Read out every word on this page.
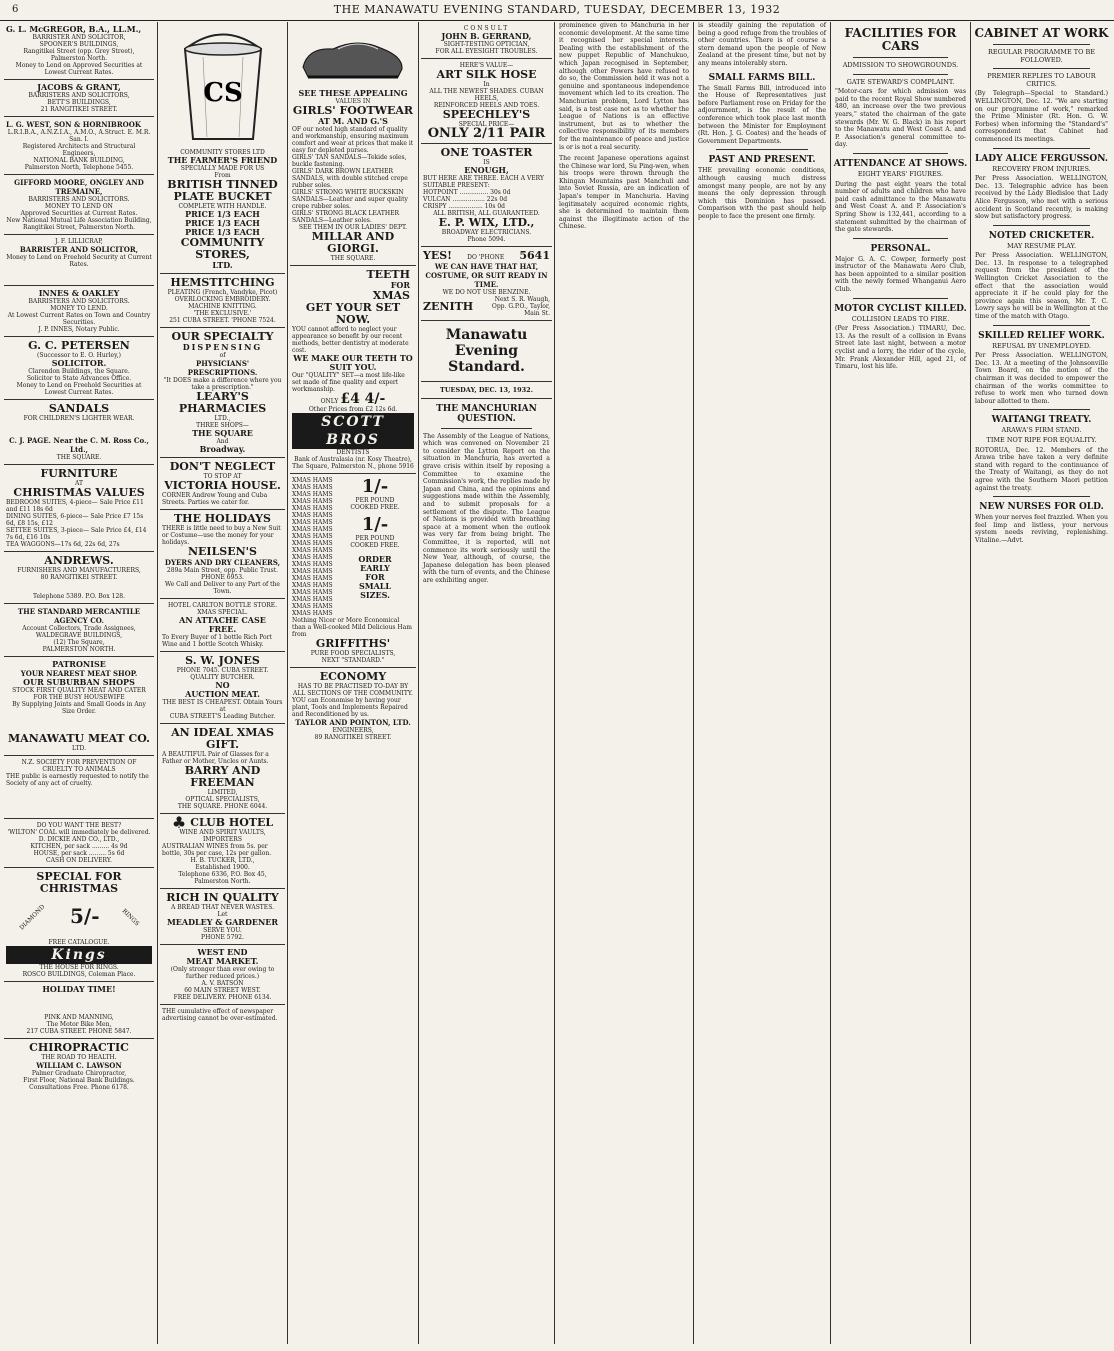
6	THE MANAWATU EVENING STANDARD, TUESDAY, DECEMBER 13, 1932
G. L. McGREGOR, B.A., LL.M.,
BARRISTER AND SOLICITOR,
SPOONER'S BUILDINGS,
Rangitikei Street (opp. Grey Street), Palmerston North.
Money to Lend on Approved Securities at Lowest Current Rates.
JACOBS & GRANT,
BARRISTERS AND SOLICITORS,
BETT'S BUILDINGS,
21 RANGITIKEI STREET.
L. G. WEST, SON & HORNIBROOK
L.R.I.B.A., A.N.Z.I.A., A.M.O., A.Struct. E. M.R. San. I.
Registered Architects and Structural Engineers,
NATIONAL BANK BUILDING,
Palmerston North, Telephone 5455.
GIFFORD MOORE, ONGLEY AND TREMAINE,
BARRISTERS AND SOLICITORS.
MONEY TO LEND ON
Approved Securities at Current Rates.
New National Mutual Life Association Building,
Rangitikei Street, Palmerston North.
J. F. LILLICRAP,
BARRISTER AND SOLICITOR,
Money to Lend on Freehold Security at Current Rates.
INNES & OAKLEY
BARRISTERS AND SOLICITORS.
MONEY TO LEND.
At Lowest Current Rates on Town and Country Securities.
J. P. INNES, Notary Public.
G. C. PETERSEN
(Successor to E. O. Hurley,)
SOLICITOR.
Clarendon Buildings, the Square.
Solicitor to State Advances Office.
Money to Lend on Freehold Securities at Lowest Current Rates.
SANDALS
FOR CHILDREN'S LIGHTER WEAR.
C. J. PAGE. Near the C. M. Ross Co., Ltd.,
THE SQUARE.
FURNITURE
AT
CHRISTMAS VALUES
BEDROOM SUITES, 4-piece— Sale Price £11 and £11 18s 6d
DINING SUITES, 6-piece— Sale Price £7 15s 6d, £8 15s, £12
SETTEE SUITES, 3-piece— Sale Price £4, £14 7s 6d, £16 10s
TEA WAGGONS—17s 6d, 22s 6d, 27s
ANDREWS.
FURNISHERS AND MANUFACTURERS,
80 RANGITIKEI STREET.
Telephone 5389. P.O. Box 128.
THE STANDARD MERCANTILE AGENCY CO.
Account Collectors, Trade Assignees,
WALDEGRAVE BUILDINGS,
(12) The Square,
PALMERSTON NORTH.
PATRONISE
YOUR NEAREST MEAT SHOP.
OUR SUBURBAN SHOPS
STOCK FIRST QUALITY MEAT AND CATER FOR THE BUSY HOUSEWIFE
By Supplying Joints and Small Goods in Any Size Order.
MANAWATU MEAT CO.
LTD.
N.Z. SOCIETY FOR PREVENTION OF CRUELTY TO ANIMALS
THE public is earnestly requested to notify the Society of any act of cruelty.
DO YOU WANT THE BEST?
'WILTON' COAL will immediately be delivered.
D. DICKIE AND CO., LTD.,
KITCHEN, per sack ......... 4s 9d
HOUSE, per sack ......... 5s 6d
CASH ON DELIVERY.
SPECIAL FOR CHRISTMAS
DIAMOND 5/-	RINGS
FREE CATALOGUE.
Kings
THE HOUSE FOR RINGS.
ROSCO BUILDINGS, Coleman Place.
HOLIDAY TIME!
PINK AND MANNING,
The Motor Bike Men,
217 CUBA STREET. PHONE 5847.
CHIROPRACTIC
THE ROAD TO HEALTH.
WILLIAM C. LAWSON
Palmer Graduate Chiropractor,
First Floor, National Bank Buildings.
Consultations Free. Phone 6178.
CS
COMMUNITY STORES LTD
THE FARMER'S FRIEND
SPECIALLY MADE FOR US
From
BRITISH TINNED PLATE BUCKET
COMPLETE WITH HANDLE.
PRICE 1/3 EACH
PRICE 1/3 EACH
PRICE 1/3 EACH
COMMUNITY STORES,
LTD.
HEMSTITCHING
PLEATING (French, Vandyke, Picot)
OVERLOCKING EMBROIDERY.
MACHINE KNITTING.
'THE EXCLUSIVE.'
251 CUBA STREET. 'PHONE 7524.
OUR SPECIALTY
DISPENSING
of
PHYSICIANS' PRESCRIPTIONS.
"It DOES make a difference where you take a prescription."
LEARY'S PHARMACIES
LTD.,
THREE SHOPS—
THE SQUARE
And
Broadway.
DON'T NEGLECT
TO STOP AT
VICTORIA HOUSE.
CORNER Andrew Young and Cuba Streets. Parties we cater for.
THE HOLIDAYS
THERE is little need to buy a New Suit or Costume—use the money for your holidays.
NEILSEN'S
DYERS AND DRY CLEANERS,
289a Main Street, opp. Public Trust.
PHONE 6953.
We Call and Deliver to any Part of the Town.
HOTEL CARLTON BOTTLE STORE.
XMAS SPECIAL.
AN ATTACHE CASE
FREE.
To Every Buyer of 1 bottle Rich Port Wine and 1 bottle Scotch Whisky.
S. W. JONES
PHONE 7045. CUBA STREET.
QUALITY BUTCHER.
NO
AUCTION MEAT.
THE BEST IS CHEAPEST. Obtain Yours at
CUBA STREET'S Leading Butcher.
AN IDEAL XMAS GIFT.
A BEAUTIFUL Pair of Glasses for a Father or Mother, Uncles or Aunts.
BARRY AND FREEMAN
LIMITED,
OPTICAL SPECIALISTS,
THE SQUARE. PHONE 6044.
♣ CLUB HOTEL
WINE AND SPIRIT VAULTS,
IMPORTERS
AUSTRALIAN WINES from 5s. per bottle, 30s per case, 12s per gallon.
H. B. TUCKER, LTD.,
Established 1900.
Telephone 6336, P.O. Box 45,
Palmerston North.
RICH IN QUALITY
A BREAD THAT NEVER WASTES.
Let
MEADLEY & GARDENER
SERVE YOU.
PHONE 5792.
WEST END
MEAT MARKET.
(Only stronger than ever owing to further reduced prices.)
A. V. BATSON
60 MAIN STREET WEST.
FREE DELIVERY. PHONE 6134.
THE cumulative effect of newspaper advertising cannot be over-estimated.
SEE THESE APPEALING
VALUES IN
GIRLS' FOOTWEAR
AT M. AND G.'S
OF our noted high standard of quality and workmanship, ensuring maximum comfort and wear at prices that make it easy for depleted purses.
GIRLS' TAN SANDALS—Tekide soles, buckle fastening.
GIRLS' DARK BROWN LEATHER SANDALS, with double stitched crepe rubber soles.
GIRLS' STRONG WHITE BUCKSKIN SANDALS—Leather and super quality crepe rubber soles.
GIRLS' STRONG BLACK LEATHER SANDALS—Leather soles.
SEE THEM IN OUR LADIES' DEPT.
MILLAR AND GIORGI.
THE SQUARE.
TEETH
FOR
XMAS
GET YOUR SET NOW.
YOU cannot afford to neglect your appearance so benefit by our recent methods, better dentistry at moderate cost.
WE MAKE OUR TEETH TO SUIT YOU.
Our "QUALITY" SET—a most life-like set made of fine quality and expert workmanship.
ONLY £4 4/-
Other Prices from £2 12s 6d.
SCOTT BROS
DENTISTS
Bank of Australasia (nr. Kosy Theatre), The Square, Palmerston N., phone 5916
XMAS HAMS
XMAS HAMS
XMAS HAMS
XMAS HAMS
XMAS HAMS
XMAS HAMS
XMAS HAMS
XMAS HAMS
XMAS HAMS
XMAS HAMS
XMAS HAMS
XMAS HAMS
XMAS HAMS
XMAS HAMS
XMAS HAMS
XMAS HAMS
XMAS HAMS
XMAS HAMS
XMAS HAMS
XMAS HAMS
1/-
PER POUND
COOKED FREE.
1/-
PER POUND
COOKED FREE.
ORDER
EARLY
FOR
SMALL
SIZES.
Nothing Nicer or More Economical than a Well-cooked Mild Delicious Ham from
GRIFFITHS'
PURE FOOD SPECIALISTS,
NEXT "STANDARD."
ECONOMY
HAS TO BE PRACTISED TO-DAY BY ALL SECTIONS OF THE COMMUNITY.
YOU can Economise by having your plant, Tools and Implements Repaired and Reconditioned by us.
TAYLOR AND POINTON, LTD.
ENGINEERS,
89 RANGITIKEI STREET.
CONSULT
JOHN B. GERRAND,
SIGHT-TESTING OPTICIAN,
FOR ALL EYESIGHT TROUBLES.
HERE'S VALUE—
ART SILK HOSE
In
ALL THE NEWEST SHADES. CUBAN HEELS,
REINFORCED HEELS AND TOES.
SPEECHLEY'S
SPECIAL PRICE—
ONLY 2/11 PAIR
ONE TOASTER
IS
ENOUGH,
BUT HERE ARE THREE. EACH A VERY SUITABLE PRESENT:
HOTPOINT ............... 30s 0d
VULCAN ................. 22s 0d
CRISPY .................. 10s 0d
ALL BRITISH, ALL GUARANTEED.
E. P. WIX, LTD.,
BROADWAY ELECTRICIANS.
Phone 5094.
YES!	DO 'PHONE 5641
WE CAN HAVE THAT HAT, COSTUME, OR SUIT READY IN TIME.
WE DO NOT USE BENZINE.
ZENITH	Next S. R. Waugh, Opp. G.P.O., Taylor, Main St.
Manawatu
Evening Standard.
TUESDAY, DEC. 13, 1932.
THE MANCHURIAN QUESTION.
The Assembly of the League of Nations, which was convened on November 21 to consider the Lytton Report on the situation in Manchuria, has averted a grave crisis within itself by reposing a Committee to examine the Commission's work, the replies made by Japan and China, and the opinions and suggestions made within the Assembly, and to submit proposals for a settlement of the dispute. The League of Nations is provided with breathing space at a moment when the outlook was very far from being bright. The Committee, it is reported, will not commence its work seriously until the New Year, although, of course, the Japanese delegation has been pleased with the turn of events, and the Chinese are exhibiting anger.
prominence given to Manchuria in her economic development. At the same time it recognised her special interests. Dealing with the establishment of the new puppet Republic of Manchukuo, which Japan recognised in September, although other Powers have refused to do so, the Commission held it was not a genuine and spontaneous independence movement which led to its creation. The Manchurian problem, Lord Lytton has said, is a test case not as to whether the League of Nations is an effective instrument, but as to whether the collective responsibility of its members for the maintenance of peace and justice is or is not a real security.
The recent Japanese operations against the Chinese war lord, Su Ping-wen, when his troops were thrown through the Khingan Mountains past Manchuli and into Soviet Russia, are an indication of Japan's temper in Manchuria. Having legitimately acquired economic rights, she is determined to maintain them against the illegitimate action of the Chinese.
is steadily gaining the reputation of being a good refuge from the troubles of other countries. There is of course a stern demand upon the people of New Zealand at the present time, but not by any means intolerably stern.
SMALL FARMS BILL.
The Small Farms Bill, introduced into the House of Representatives just before Parliament rose on Friday for the adjournment, is the result of the conference which took place last month between the Minister for Employment (Rt. Hon. J. G. Coates) and the heads of Government Departments.
PAST AND PRESENT.
THE prevailing economic conditions, although causing much distress amongst many people, are not by any means the only depression through which this Dominion has passed. Comparison with the past should help people to face the present one firmly.
FACILITIES FOR CARS
ADMISSION TO SHOWGROUNDS.
GATE STEWARD'S COMPLAINT.
"Motor-cars for which admission was paid to the recent Royal Show numbered 480, an increase over the two previous years," stated the chairman of the gate stewards (Mr. W. G. Black) in his report to the Manawatu and West Coast A. and P. Association's general committee to-day.
ATTENDANCE AT SHOWS.
EIGHT YEARS' FIGURES.
During the past eight years the total number of adults and children who have paid cash admittance to the Manawatu and West Coast A. and P. Association's Spring Show is 132,441, according to a statement submitted by the chairman of the gate stewards.
PERSONAL.
Major G. A. C. Cowper, formerly post instructor of the Manawatu Aero Club, has been appointed to a similar position with the newly formed Whanganui Aero Club.
MOTOR CYCLIST KILLED.
COLLISION LEADS TO FIRE.
(Per Press Association.) TIMARU, Dec. 13. As the result of a collision in Evans Street late last night, between a motor cyclist and a lorry, the rider of the cycle, Mr. Frank Alexander Hill, aged 21, of Timaru, lost his life.
CABINET AT WORK
REGULAR PROGRAMME TO BE FOLLOWED.
PREMIER REPLIES TO LABOUR CRITICS.
(By Telegraph—Special to Standard.) WELLINGTON, Dec. 12. "We are starting on our programme of work," remarked the Prime Minister (Rt. Hon. G. W. Forbes) when informing the "Standard's" correspondent that Cabinet had commenced its meetings.
LADY ALICE FERGUSSON.
RECOVERY FROM INJURIES.
Per Press Association. WELLINGTON, Dec. 13. Telegraphic advice has been received by the Lady Bledisloe that Lady Alice Fergusson, who met with a serious accident in Scotland recently, is making slow but satisfactory progress.
NOTED CRICKETER.
MAY RESUME PLAY.
Per Press Association. WELLINGTON, Dec. 13. In response to a telegraphed request from the president of the Wellington Cricket Association to the effect that the association would appreciate it if he could play for the province again this season, Mr. T. C. Lowry says he will be in Wellington at the time of the match with Otago.
SKILLED RELIEF WORK.
REFUSAL BY UNEMPLOYED.
Per Press Association. WELLINGTON, Dec. 13. At a meeting of the Johnsonville Town Board, on the motion of the chairman it was decided to empower the chairman of the works committee to refuse to work men who turned down labour allotted to them.
WAITANGI TREATY.
ARAWA'S FIRM STAND.
TIME NOT RIPE FOR EQUALITY.
ROTORUA, Dec. 12. Members of the Arawa tribe have taken a very definite stand with regard to the continuance of the Treaty of Waitangi, as they do not agree with the Southern Maori petition against the treaty.
NEW NURSES FOR OLD.
When your nerves feel frazzled. When you feel limp and listless, your nervous system needs reviving, replenishing. Vitaline.—Advt.
